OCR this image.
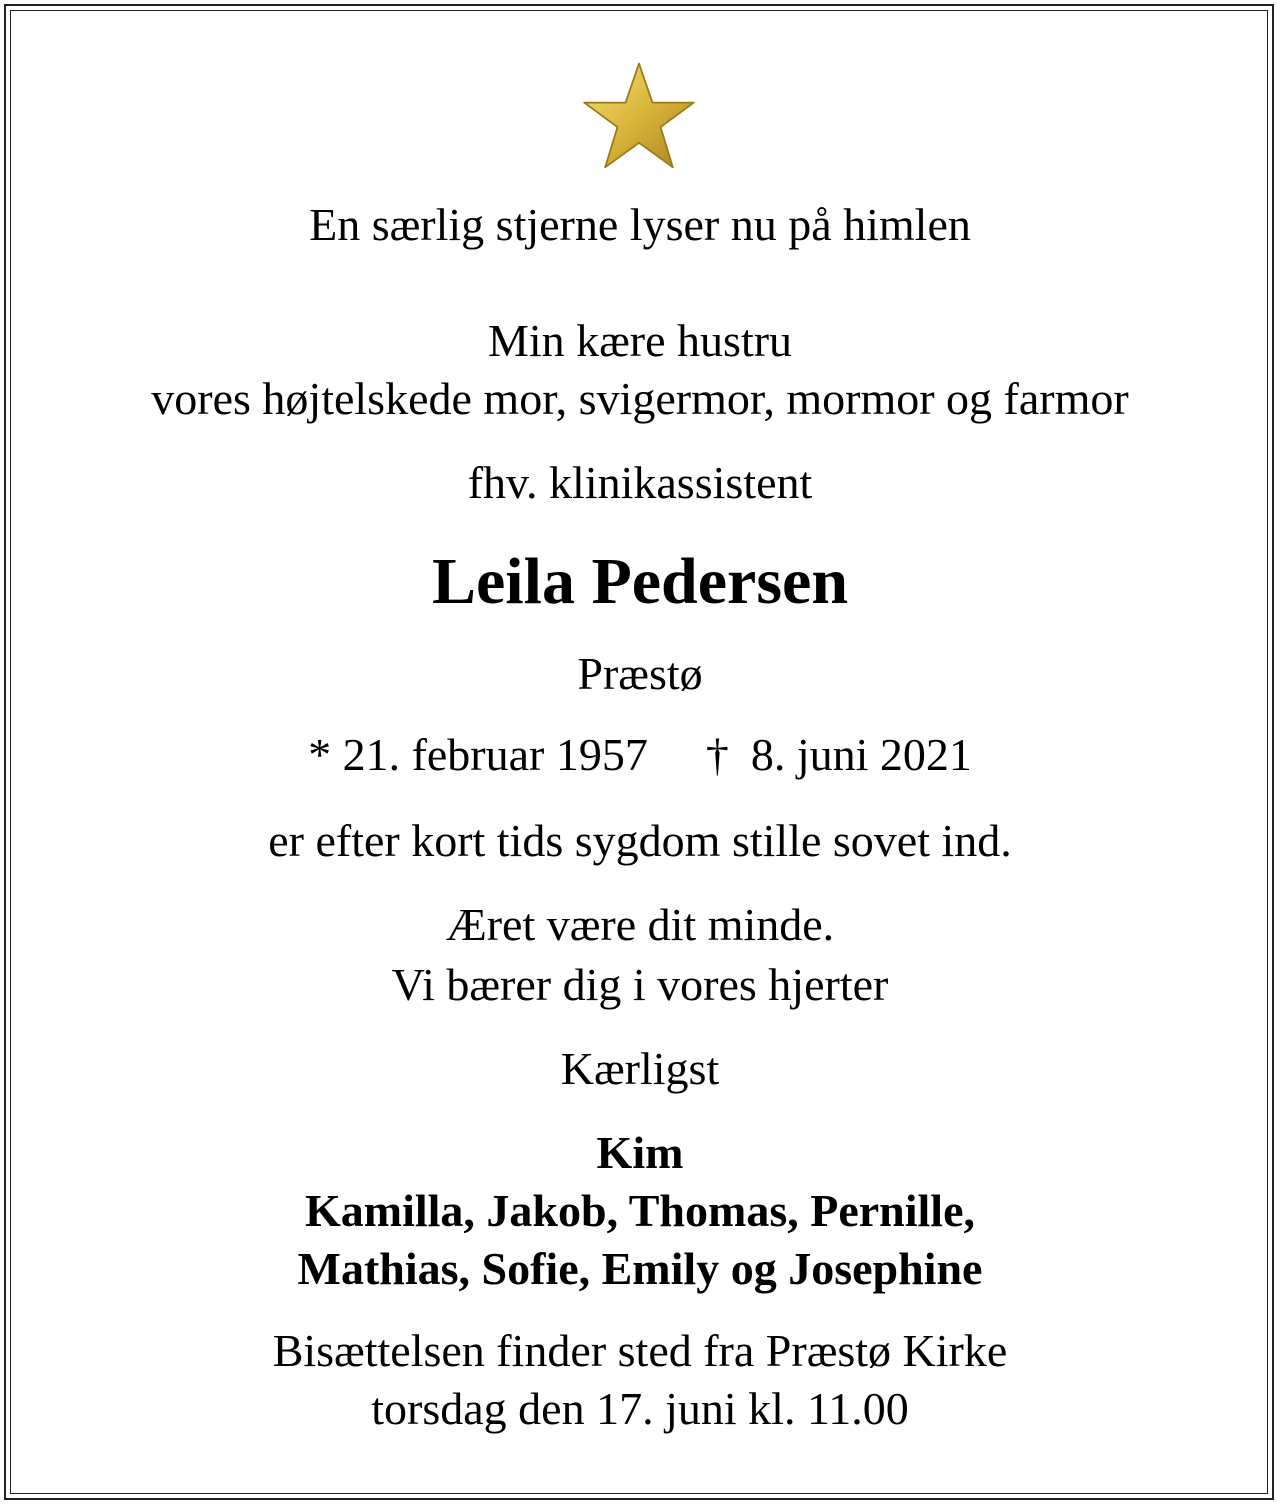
En særlig stjerne lyser nu på himlen
Min kære hustru
vores højtelskede mor, svigermor, mormor og farmor
fhv. klinikassistent
Leila Pedersen
Præstø
* 21. februar 1957 † 8. juni 2021
er efter kort tids sygdom stille sovet ind.
Æret være dit minde.
Vi bærer dig i vores hjerter
Kærligst
Kim
Kamilla, Jakob, Thomas, Pernille,
Mathias, Sofie, Emily og Josephine
Bisættelsen finder sted fra Præstø Kirke
torsdag den 17. juni kl. 11.00
